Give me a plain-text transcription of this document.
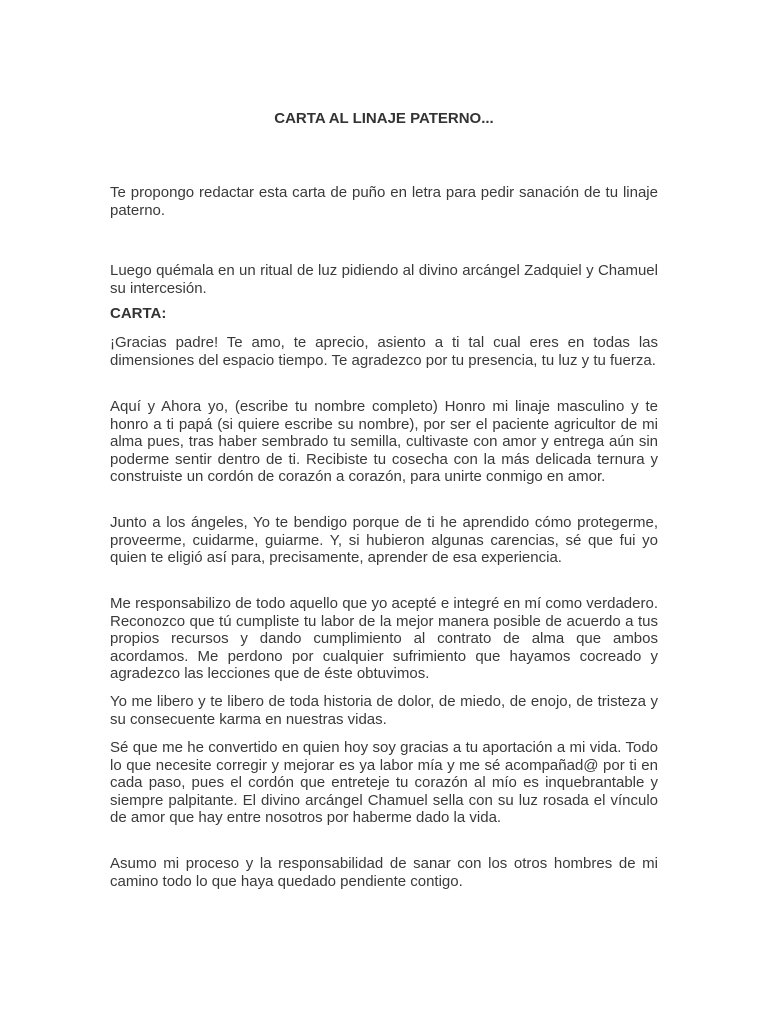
CARTA AL LINAJE PATERNO...

Te propongo redactar esta carta de puño en letra para pedir sanación de tu linaje paterno.

Luego quémala en un ritual de luz pidiendo al divino arcángel Zadquiel y Chamuel su intercesión.

CARTA:

¡Gracias padre! Te amo, te aprecio, asiento a ti tal cual eres en todas las dimensiones del espacio tiempo. Te agradezco por tu presencia, tu luz y tu fuerza.

Aquí y Ahora yo, (escribe tu nombre completo) Honro mi linaje masculino y te honro a ti papá (si quiere escribe su nombre), por ser el paciente agricultor de mi alma pues, tras haber sembrado tu semilla, cultivaste con amor y entrega aún sin poderme sentir dentro de ti. Recibiste tu cosecha con la más delicada ternura y construiste un cordón de corazón a corazón, para unirte conmigo en amor.

Junto a los ángeles, Yo te bendigo porque de ti he aprendido cómo protegerme, proveerme, cuidarme, guiarme. Y, si hubieron algunas carencias, sé que fui yo quien te eligió así para, precisamente, aprender de esa experiencia.

Me responsabilizo de todo aquello que yo acepté e integré en mí como verdadero. Reconozco que tú cumpliste tu labor de la mejor manera posible de acuerdo a tus propios recursos y dando cumplimiento al contrato de alma que ambos acordamos. Me perdono por cualquier sufrimiento que hayamos cocreado y agradezco las lecciones que de éste obtuvimos.

Yo me libero y te libero de toda historia de dolor, de miedo, de enojo, de tristeza y su consecuente karma en nuestras vidas.

Sé que me he convertido en quien hoy soy gracias a tu aportación a mi vida. Todo lo que necesite corregir y mejorar es ya labor mía y me sé acompañad@ por ti en cada paso, pues el cordón que entreteje tu corazón al mío es inquebrantable y siempre palpitante. El divino arcángel Chamuel sella con su luz rosada el vínculo de amor que hay entre nosotros por haberme dado la vida.

Asumo mi proceso y la responsabilidad de sanar con los otros hombres de mi camino todo lo que haya quedado pendiente contigo.
